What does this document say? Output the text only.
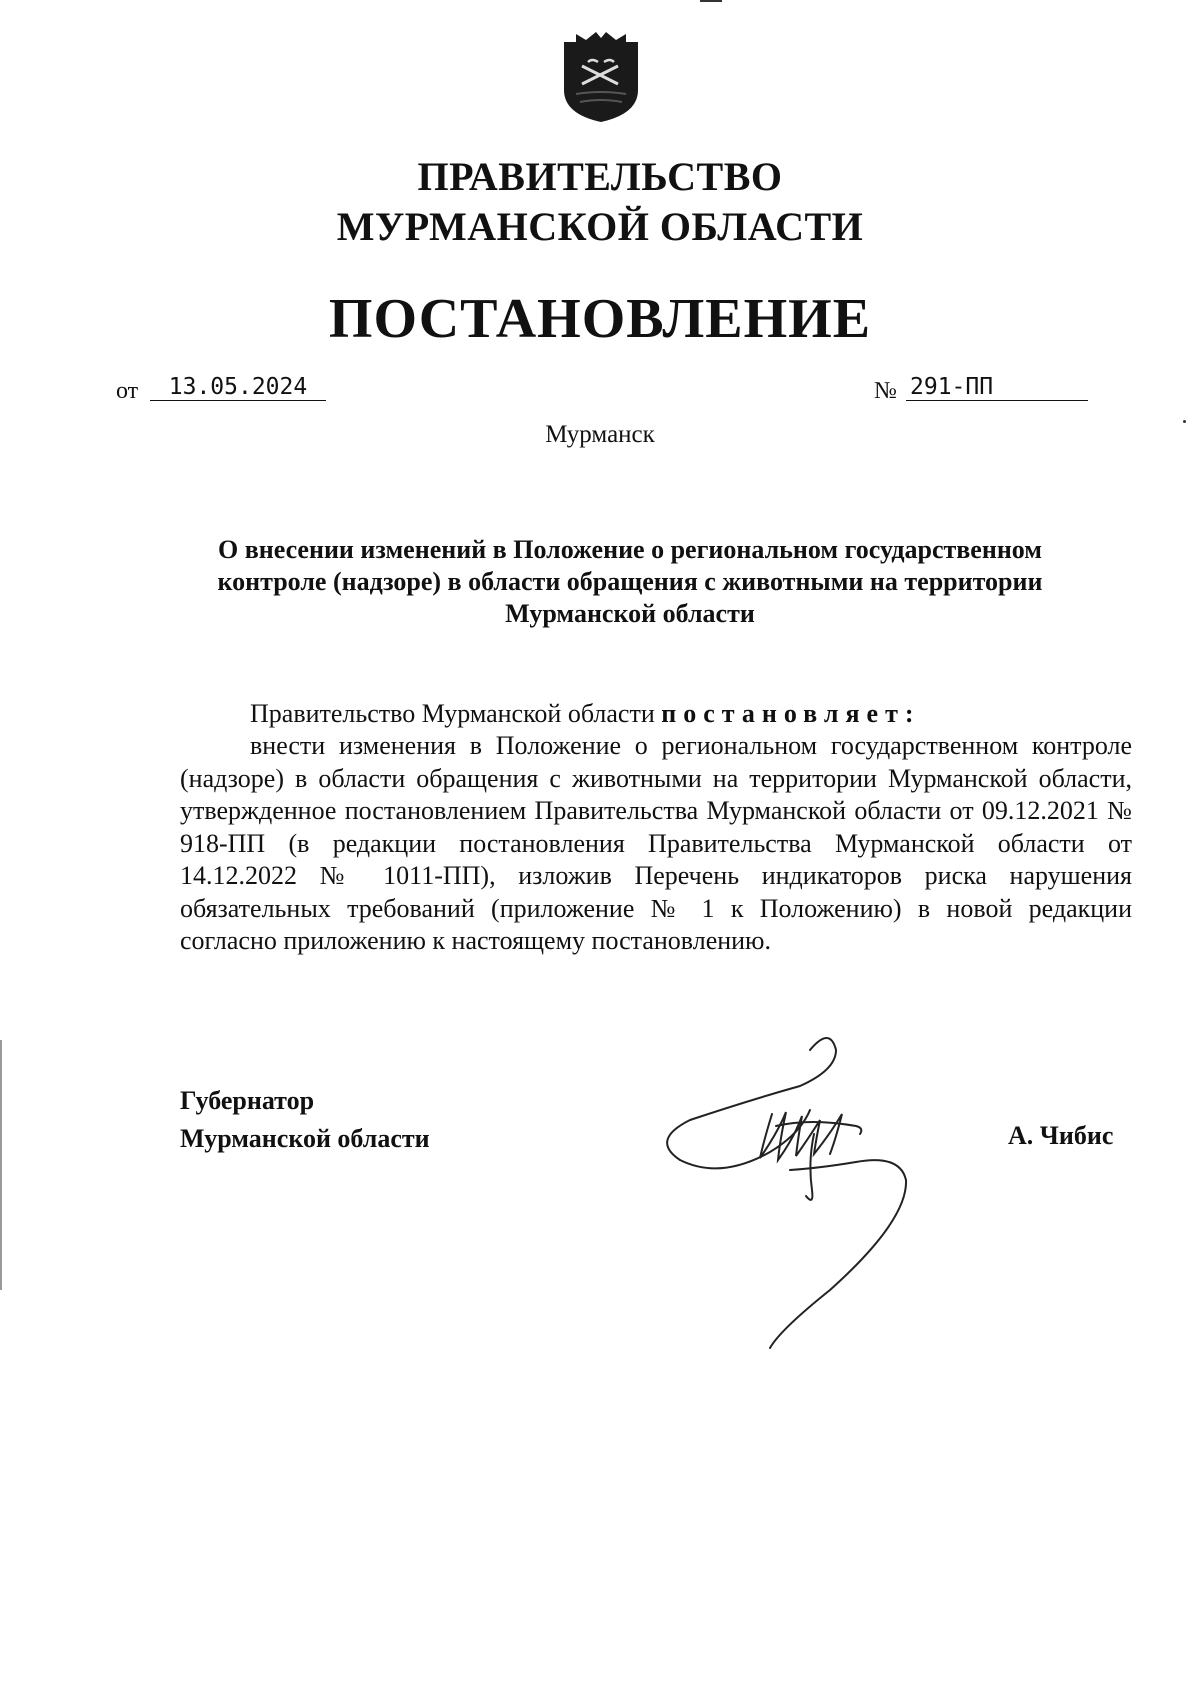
ПРАВИТЕЛЬСТВО
МУРМАНСКОЙ ОБЛАСТИ
ПОСТАНОВЛЕНИЕ
от	13.05.2024	№ 291-ПП
Мурманск
О внесении изменений в Положение о региональном государственном
контроле (надзоре) в области обращения с животными на территории
Мурманской области
Правительство Мурманской области постановляет:
внести изменения в Положение о региональном государственном контроле (надзоре) в области обращения с животными на территории Мурманской области, утвержденное постановлением Правительства Мурманской области от 09.12.2021 № 918-ПП (в редакции постановления Правительства Мурманской области от 14.12.2022 № 1011-ПП), изложив Перечень индикаторов риска нарушения обязательных требований (приложение № 1 к Положению) в новой редакции согласно приложению к настоящему постановлению.
Губернатор
Мурманской области	А. Чибис
